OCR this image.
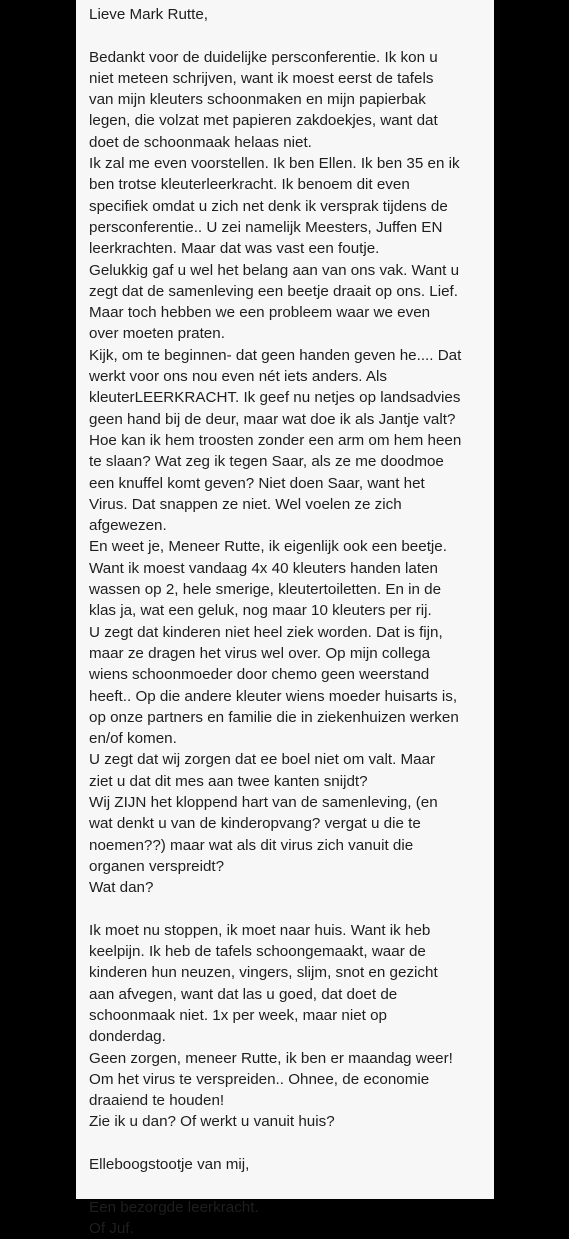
Lieve Mark Rutte,

Bedankt voor de duidelijke persconferentie. Ik kon u
niet meteen schrijven, want ik moest eerst de tafels
van mijn kleuters schoonmaken en mijn papierbak
legen, die volzat met papieren zakdoekjes, want dat
doet de schoonmaak helaas niet.
Ik zal me even voorstellen. Ik ben Ellen. Ik ben 35 en ik
ben trotse kleuterleerkracht. Ik benoem dit even
specifiek omdat u zich net denk ik versprak tijdens de
persconferentie.. U zei namelijk Meesters, Juffen EN
leerkrachten. Maar dat was vast een foutje.
Gelukkig gaf u wel het belang aan van ons vak. Want u
zegt dat de samenleving een beetje draait op ons. Lief.
Maar toch hebben we een probleem waar we even
over moeten praten.
Kijk, om te beginnen- dat geen handen geven he.... Dat
werkt voor ons nou even nét iets anders. Als
kleuterLEERKRACHT. Ik geef nu netjes op landsadvies
geen hand bij de deur, maar wat doe ik als Jantje valt?
Hoe kan ik hem troosten zonder een arm om hem heen
te slaan? Wat zeg ik tegen Saar, als ze me doodmoe
een knuffel komt geven? Niet doen Saar, want het
Virus. Dat snappen ze niet. Wel voelen ze zich
afgewezen.
En weet je, Meneer Rutte, ik eigenlijk ook een beetje.
Want ik moest vandaag 4x 40 kleuters handen laten
wassen op 2, hele smerige, kleutertoiletten. En in de
klas ja, wat een geluk, nog maar 10 kleuters per rij.
U zegt dat kinderen niet heel ziek worden. Dat is fijn,
maar ze dragen het virus wel over. Op mijn collega
wiens schoonmoeder door chemo geen weerstand
heeft.. Op die andere kleuter wiens moeder huisarts is,
op onze partners en familie die in ziekenhuizen werken
en/of komen.
U zegt dat wij zorgen dat ee boel niet om valt. Maar
ziet u dat dit mes aan twee kanten snijdt?
Wij ZIJN het kloppend hart van de samenleving, (en
wat denkt u van de kinderopvang? vergat u die te
noemen??) maar wat als dit virus zich vanuit die
organen verspreidt?
Wat dan?

Ik moet nu stoppen, ik moet naar huis. Want ik heb
keelpijn. Ik heb de tafels schoongemaakt, waar de
kinderen hun neuzen, vingers, slijm, snot en gezicht
aan afvegen, want dat las u goed, dat doet de
schoonmaak niet. 1x per week, maar niet op
donderdag.
Geen zorgen, meneer Rutte, ik ben er maandag weer!
Om het virus te verspreiden.. Ohnee, de economie
draaiend te houden!
Zie ik u dan? Of werkt u vanuit huis?

Elleboogstootje van mij,

Een bezorgde leerkracht.
Of Juf.
